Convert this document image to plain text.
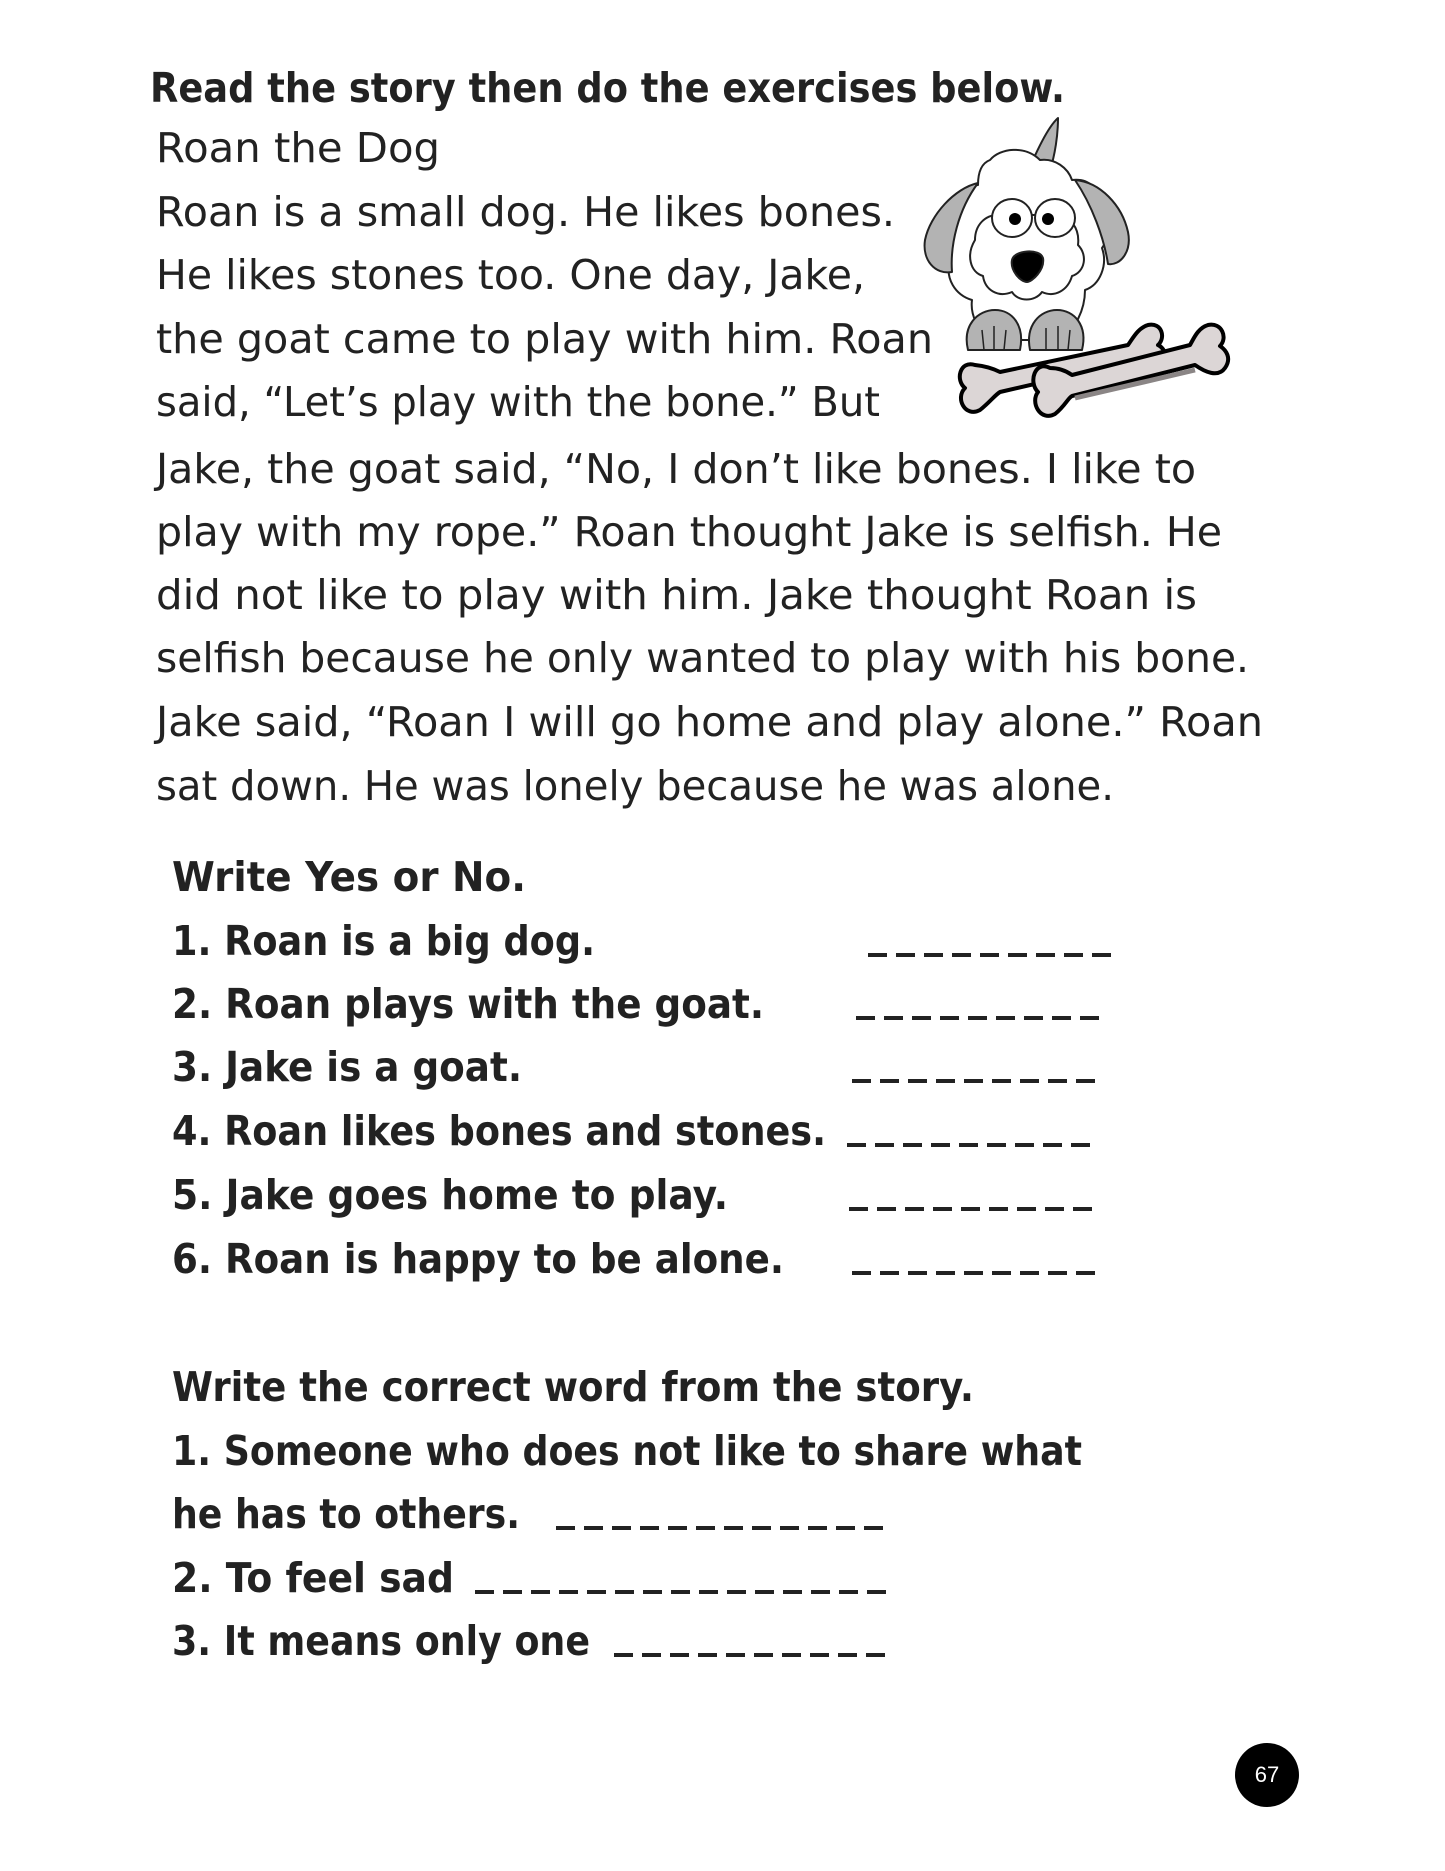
Read the story then do the exercises below.
Roan the Dog
Roan is a small dog. He likes bones.
He likes stones too. One day, Jake,
the goat came to play with him. Roan
said, “Let’s play with the bone.” But
Jake, the goat said, “No, I don’t like bones. I like to
play with my rope.” Roan thought Jake is selfish. He
did not like to play with him. Jake thought Roan is
selfish because he only wanted to play with his bone.
Jake said, “Roan I will go home and play alone.” Roan
sat down. He was lonely because he was alone.
Write Yes or No.
1. Roan is a big dog.
2. Roan plays with the goat.
3. Jake is a goat.
4. Roan likes bones and stones.
5. Jake goes home to play.
6. Roan is happy to be alone.
Write the correct word from the story.
1. Someone who does not like to share what
he has to others.
2. To feel sad
3. It means only one
67
